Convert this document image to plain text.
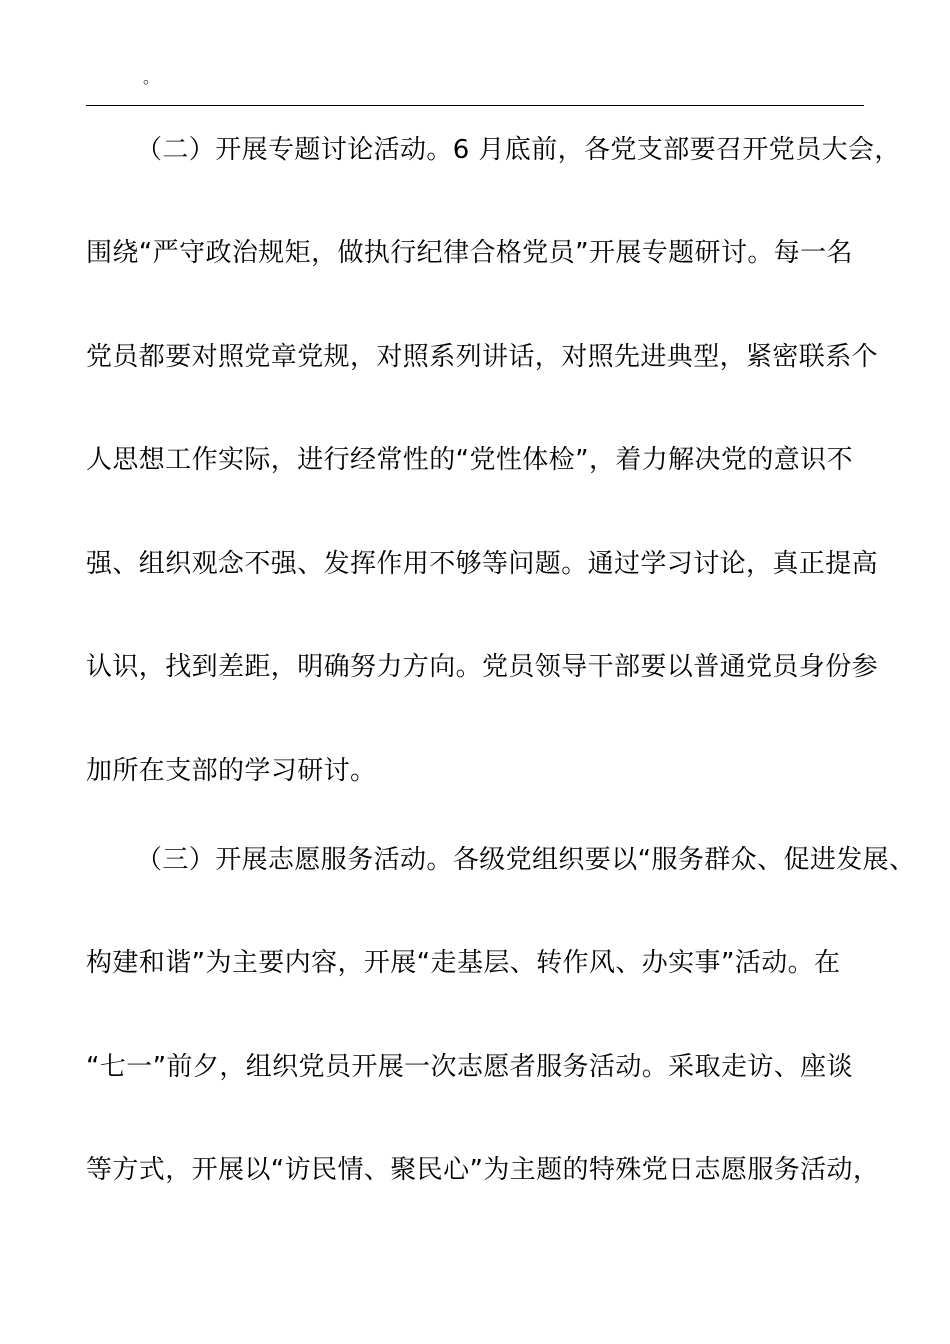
。
（二）开展专题讨论活动。6 月底前，各党支部要召开党员大会，
围绕“严守政治规矩，做执行纪律合格党员”开展专题研讨。每一名
党员都要对照党章党规，对照系列讲话，对照先进典型，紧密联系个
人思想工作实际，进行经常性的“党性体检”，着力解决党的意识不
强、组织观念不强、发挥作用不够等问题。通过学习讨论，真正提高
认识，找到差距，明确努力方向。党员领导干部要以普通党员身份参
加所在支部的学习研讨。
（三）开展志愿服务活动。各级党组织要以“服务群众、促进发展、
构建和谐”为主要内容，开展“走基层、转作风、办实事”活动。在
“七一”前夕，组织党员开展一次志愿者服务活动。采取走访、座谈
等方式，开展以“访民情、聚民心”为主题的特殊党日志愿服务活动，
